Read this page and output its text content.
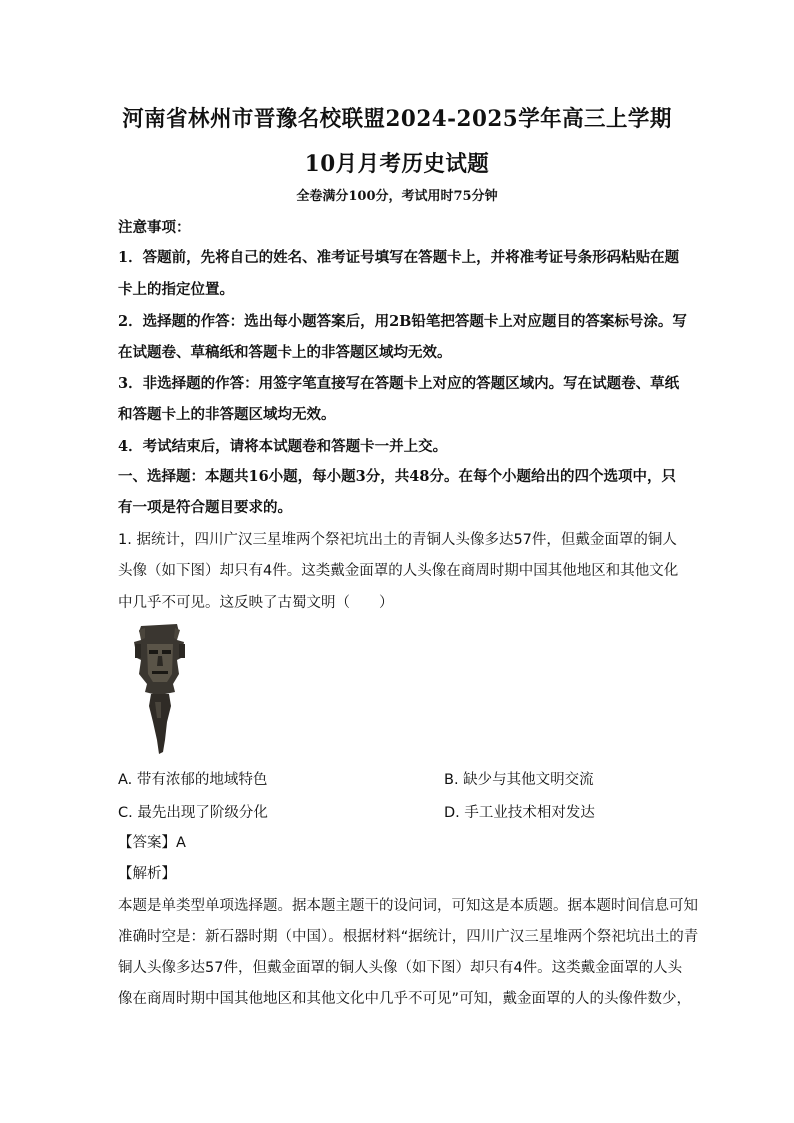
河南省林州市晋豫名校联盟2024-2025学年高三上学期
10月月考历史试题
全卷满分100分，考试用时75分钟
注意事项：
1．答题前，先将自己的姓名、准考证号填写在答题卡上，并将准考证号条形码粘贴在题
卡上的指定位置。
2．选择题的作答：选出每小题答案后，用2B铅笔把答题卡上对应题目的答案标号涂。写
在试题卷、草稿纸和答题卡上的非答题区域均无效。
3．非选择题的作答：用签字笔直接写在答题卡上对应的答题区域内。写在试题卷、草纸
和答题卡上的非答题区域均无效。
4．考试结束后，请将本试题卷和答题卡一并上交。
一、选择题：本题共16小题，每小题3分，共48分。在每个小题给出的四个选项中，只
有一项是符合题目要求的。
1. 据统计，四川广汉三星堆两个祭祀坑出土的青铜人头像多达57件，但戴金面罩的铜人
头像（如下图）却只有4件。这类戴金面罩的人头像在商周时期中国其他地区和其他文化
中几乎不可见。这反映了古蜀文明（　　）
A. 带有浓郁的地域特色	B. 缺少与其他文明交流
C. 最先出现了阶级分化	D. 手工业技术相对发达
【答案】A
【解析】
本题是单类型单项选择题。据本题主题干的设问词，可知这是本质题。据本题时间信息可知
准确时空是：新石器时期（中国）。根据材料“据统计，四川广汉三星堆两个祭祀坑出土的青
铜人头像多达57件，但戴金面罩的铜人头像（如下图）却只有4件。这类戴金面罩的人头
像在商周时期中国其他地区和其他文化中几乎不可见”可知，戴金面罩的人的头像件数少，
